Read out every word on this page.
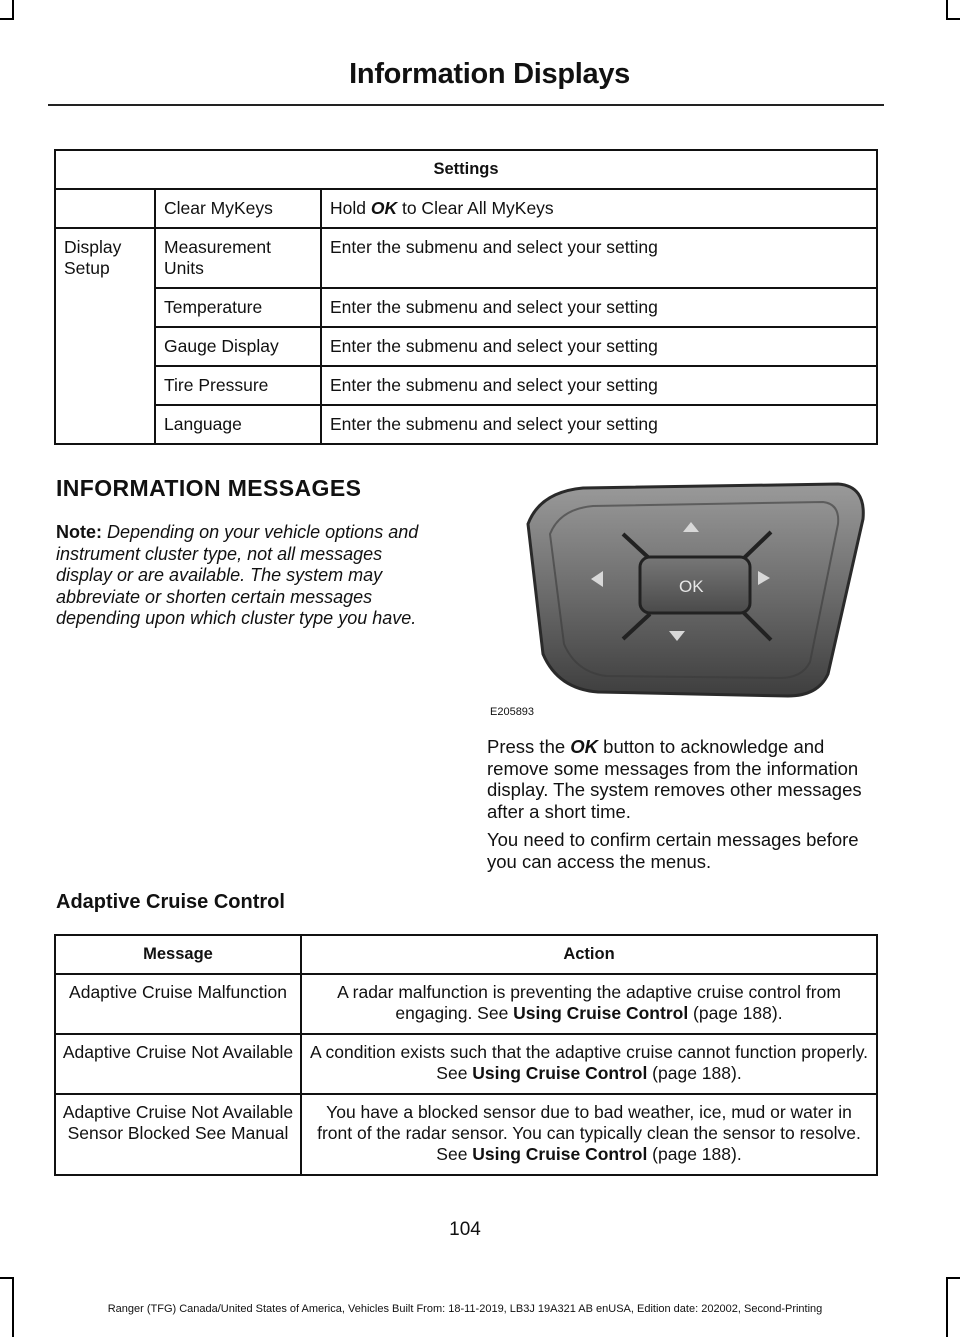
Information Displays
Settings		
	Clear MyKeys	Hold OK to Clear All MyKeys
Display Setup	Measurement Units	Enter the submenu and select your setting
	Temperature	Enter the submenu and select your setting
	Gauge Display	Enter the submenu and select your setting
	Tire Pressure	Enter the submenu and select your setting
	Language	Enter the submenu and select your setting
INFORMATION MESSAGES
Note: Depending on your vehicle options and instrument cluster type, not all messages display or are available. The system may abbreviate or shorten certain messages depending upon which cluster type you have.
OK
E205893
Press the OK button to acknowledge and remove some messages from the information display. The system removes other messages after a short time.
You need to confirm certain messages before you can access the menus.
Adaptive Cruise Control
Message	Action
Adaptive Cruise Malfunction	A radar malfunction is preventing the adaptive cruise control from engaging. See Using Cruise Control (page 188).
Adaptive Cruise Not Available	A condition exists such that the adaptive cruise cannot function properly. See Using Cruise Control (page 188).
Adaptive Cruise Not Available Sensor Blocked See Manual	You have a blocked sensor due to bad weather, ice, mud or water in front of the radar sensor. You can typically clean the sensor to resolve. See Using Cruise Control (page 188).
104
Ranger (TFG) Canada/United States of America, Vehicles Built From: 18-11-2019, LB3J 19A321 AB enUSA, Edition date: 202002, Second-Printing
